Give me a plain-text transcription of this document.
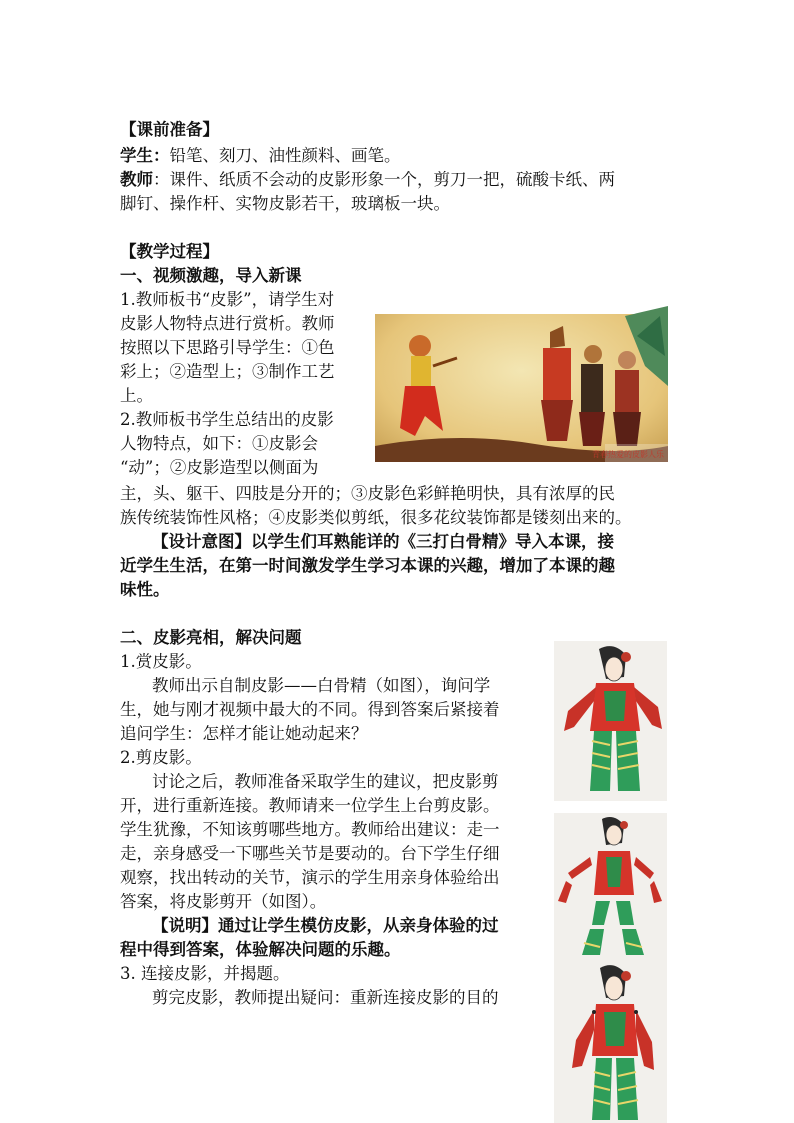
【课前准备】
学生：铅笔、刻刀、油性颜料、画笔。
教师：课件、纸质不会动的皮影形象一个，剪刀一把，硫酸卡纸、两
脚钉、操作杆、实物皮影若干，玻璃板一块。
【教学过程】
一、视频激趣，导入新课
1.教师板书“皮影”，请学生对
皮影人物特点进行赏析。教师
按照以下思路引导学生：①色
彩上；②造型上；③制作工艺
上。
2.教师板书学生总结出的皮影
人物特点，如下：①皮影会
“动”；②皮影造型以侧面为
主，头、躯干、四肢是分开的；③皮影色彩鲜艳明快，具有浓厚的民
族传统装饰性风格；④皮影类似剪纸，很多花纹装饰都是镂刻出来的。
【设计意图】以学生们耳熟能详的《三打白骨精》导入本课，接
近学生生活，在第一时间激发学生学习本课的兴趣，增加了本课的趣
味性。
二、皮影亮相，解决问题
1.赏皮影。
教师出示自制皮影——白骨精（如图），询问学
生，她与刚才视频中最大的不同。得到答案后紧接着
追问学生：怎样才能让她动起来？
2.剪皮影。
讨论之后，教师准备采取学生的建议，把皮影剪
开，进行重新连接。教师请来一位学生上台剪皮影。
学生犹豫，不知该剪哪些地方。教师给出建议：走一
走，亲身感受一下哪些关节是要动的。台下学生仔细
观察，找出转动的关节，演示的学生用亲身体验给出
答案，将皮影剪开（如图）。
【说明】通过让学生模仿皮影，从亲身体验的过
程中得到答案，体验解决问题的乐趣。
3. 连接皮影，并揭题。
剪完皮影，教师提出疑问：重新连接皮影的目的
青春热爱的皮影人乐
